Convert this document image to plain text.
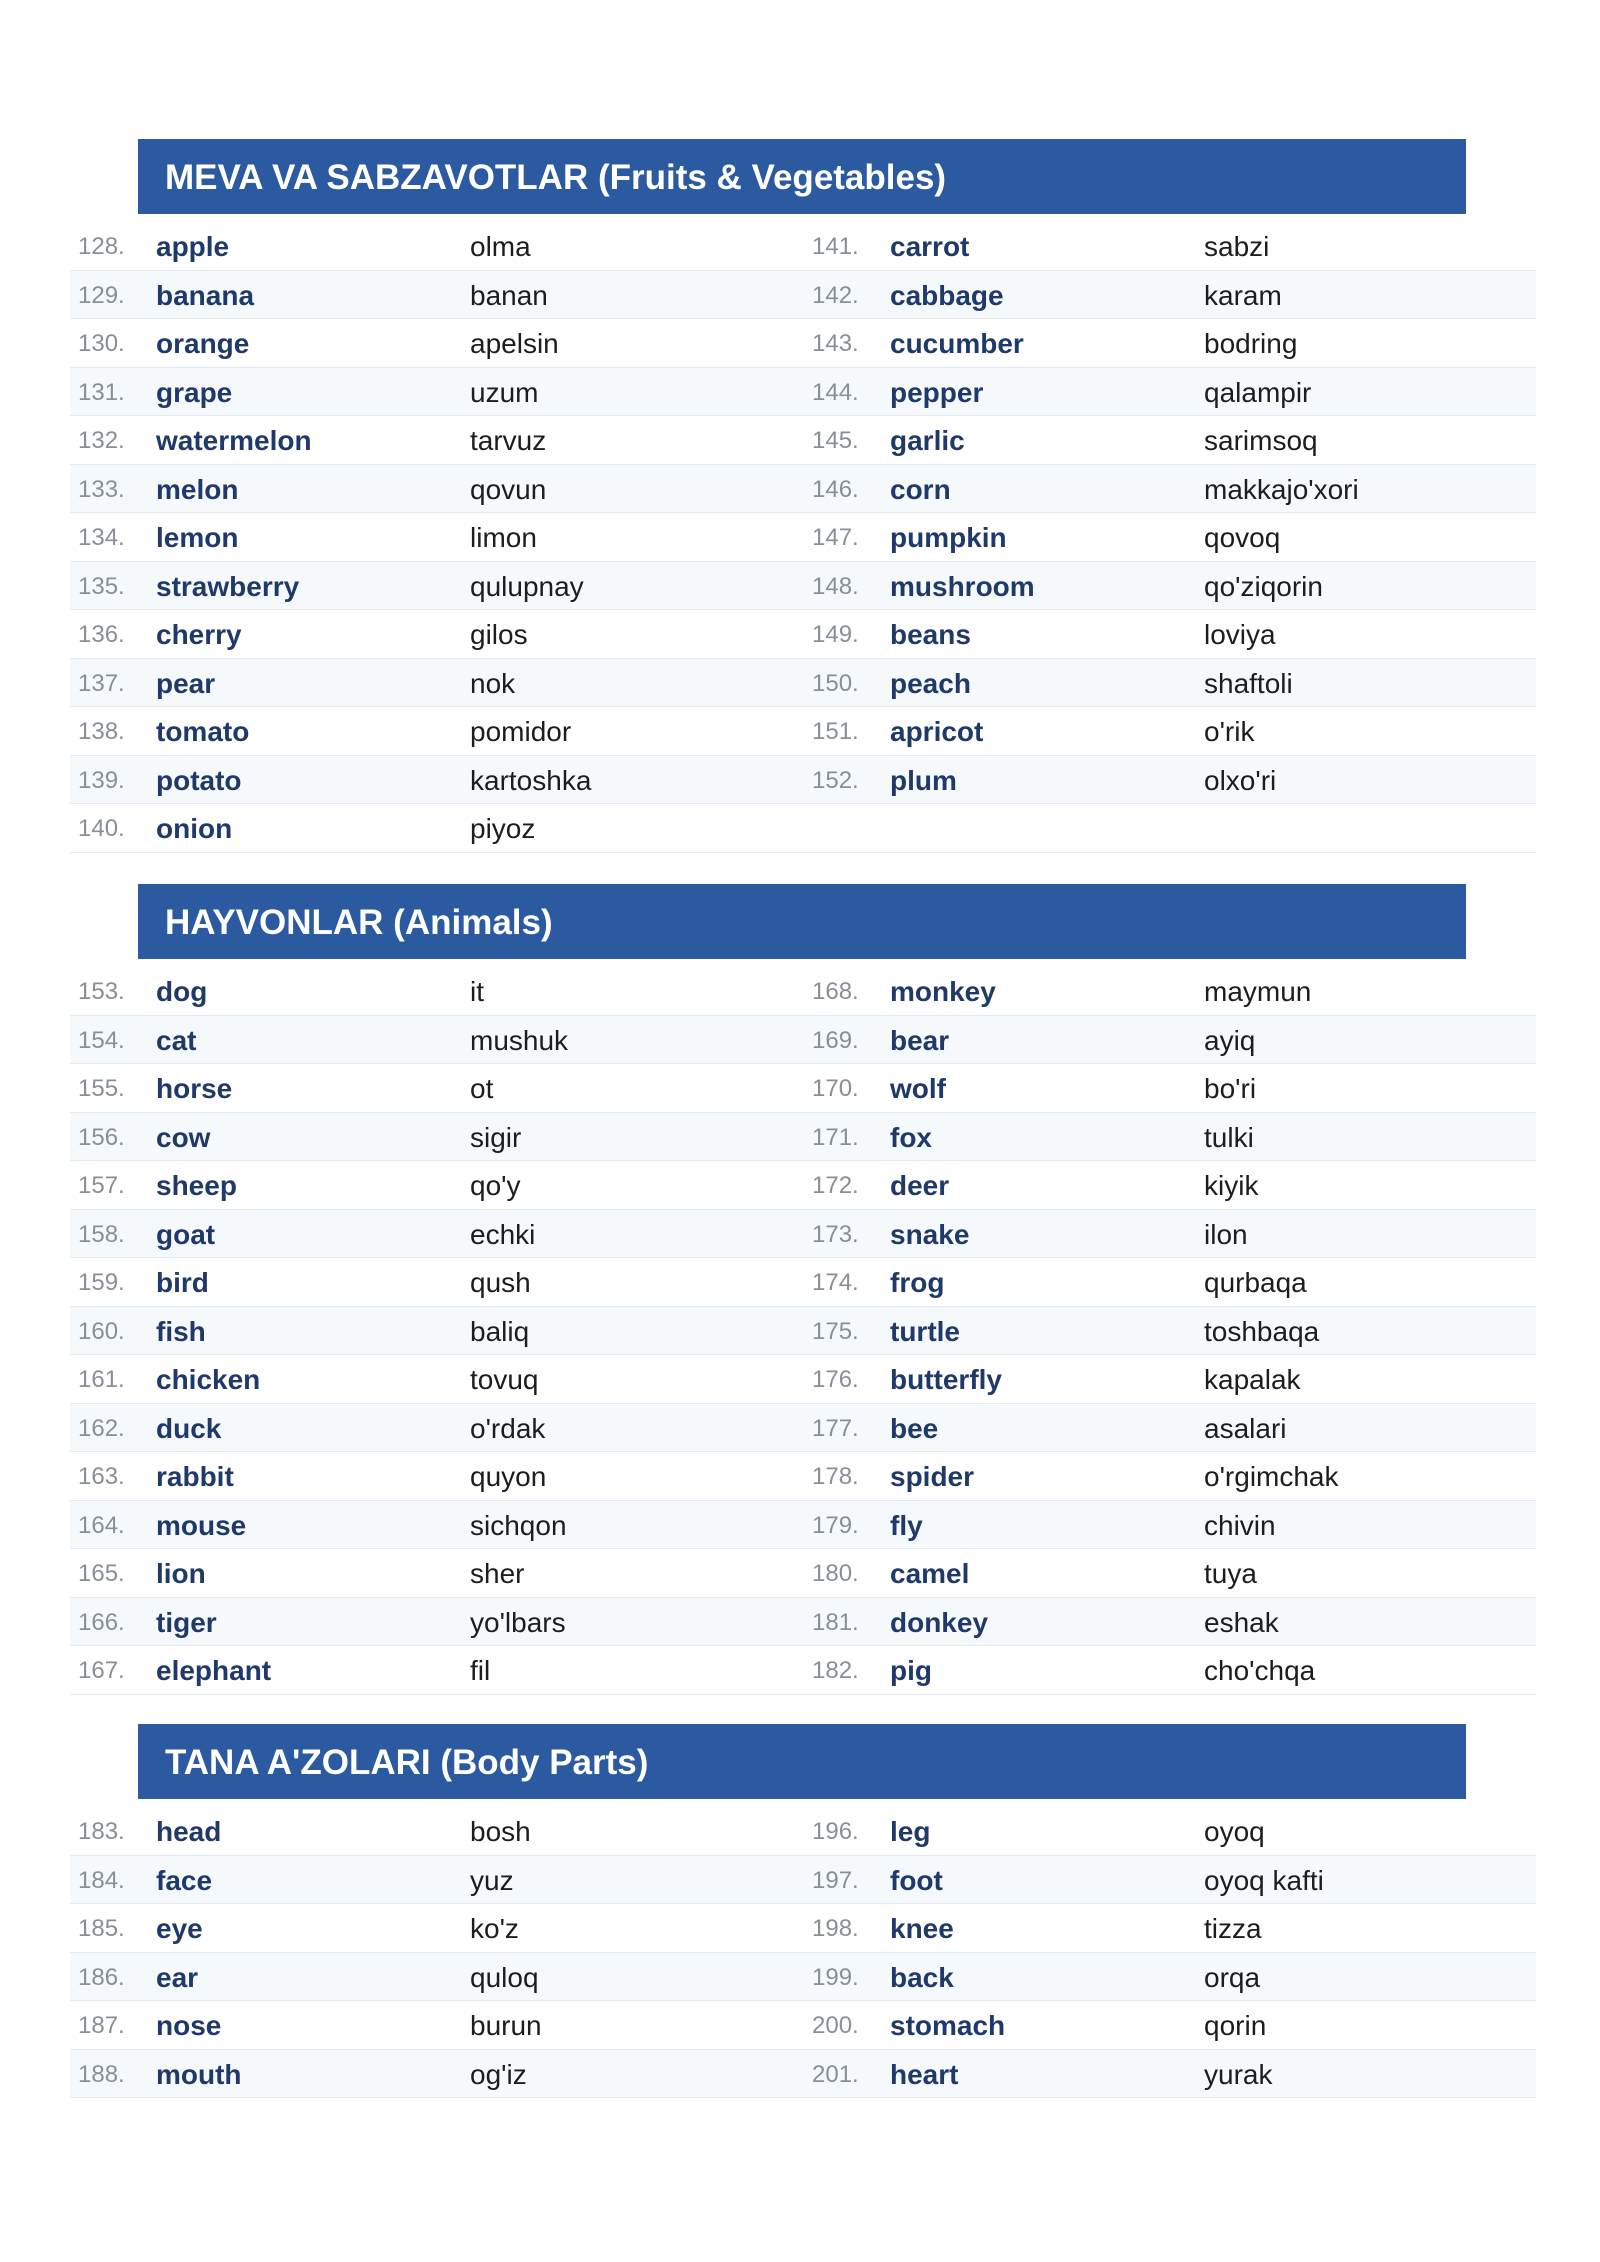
MEVA VA SABZAVOTLAR (Fruits & Vegetables)
128. apple	olma	141. carrot	sabzi
129. banana	banan	142. cabbage	karam
130. orange	apelsin	143. cucumber	bodring
131. grape	uzum	144. pepper	qalampir
132. watermelon	tarvuz	145. garlic	sarimsoq
133. melon	qovun	146. corn	makkajo'xori
134. lemon	limon	147. pumpkin	qovoq
135. strawberry	qulupnay	148. mushroom	qo'ziqorin
136. cherry	gilos	149. beans	loviya
137. pear	nok	150. peach	shaftoli
138. tomato	pomidor	151. apricot	o'rik
139. potato	kartoshka	152. plum	olxo'ri
140. onion	piyoz
HAYVONLAR (Animals)
153. dog	it	168. monkey	maymun
154. cat	mushuk	169. bear	ayiq
155. horse	ot	170. wolf	bo'ri
156. cow	sigir	171. fox	tulki
157. sheep	qo'y	172. deer	kiyik
158. goat	echki	173. snake	ilon
159. bird	qush	174. frog	qurbaqa
160. fish	baliq	175. turtle	toshbaqa
161. chicken	tovuq	176. butterfly	kapalak
162. duck	o'rdak	177. bee	asalari
163. rabbit	quyon	178. spider	o'rgimchak
164. mouse	sichqon	179. fly	chivin
165. lion	sher	180. camel	tuya
166. tiger	yo'lbars	181. donkey	eshak
167. elephant	fil	182. pig	cho'chqa
TANA A'ZOLARI (Body Parts)
183. head	bosh	196. leg	oyoq
184. face	yuz	197. foot	oyoq kafti
185. eye	ko'z	198. knee	tizza
186. ear	quloq	199. back	orqa
187. nose	burun	200. stomach	qorin
188. mouth	og'iz	201. heart	yurak
